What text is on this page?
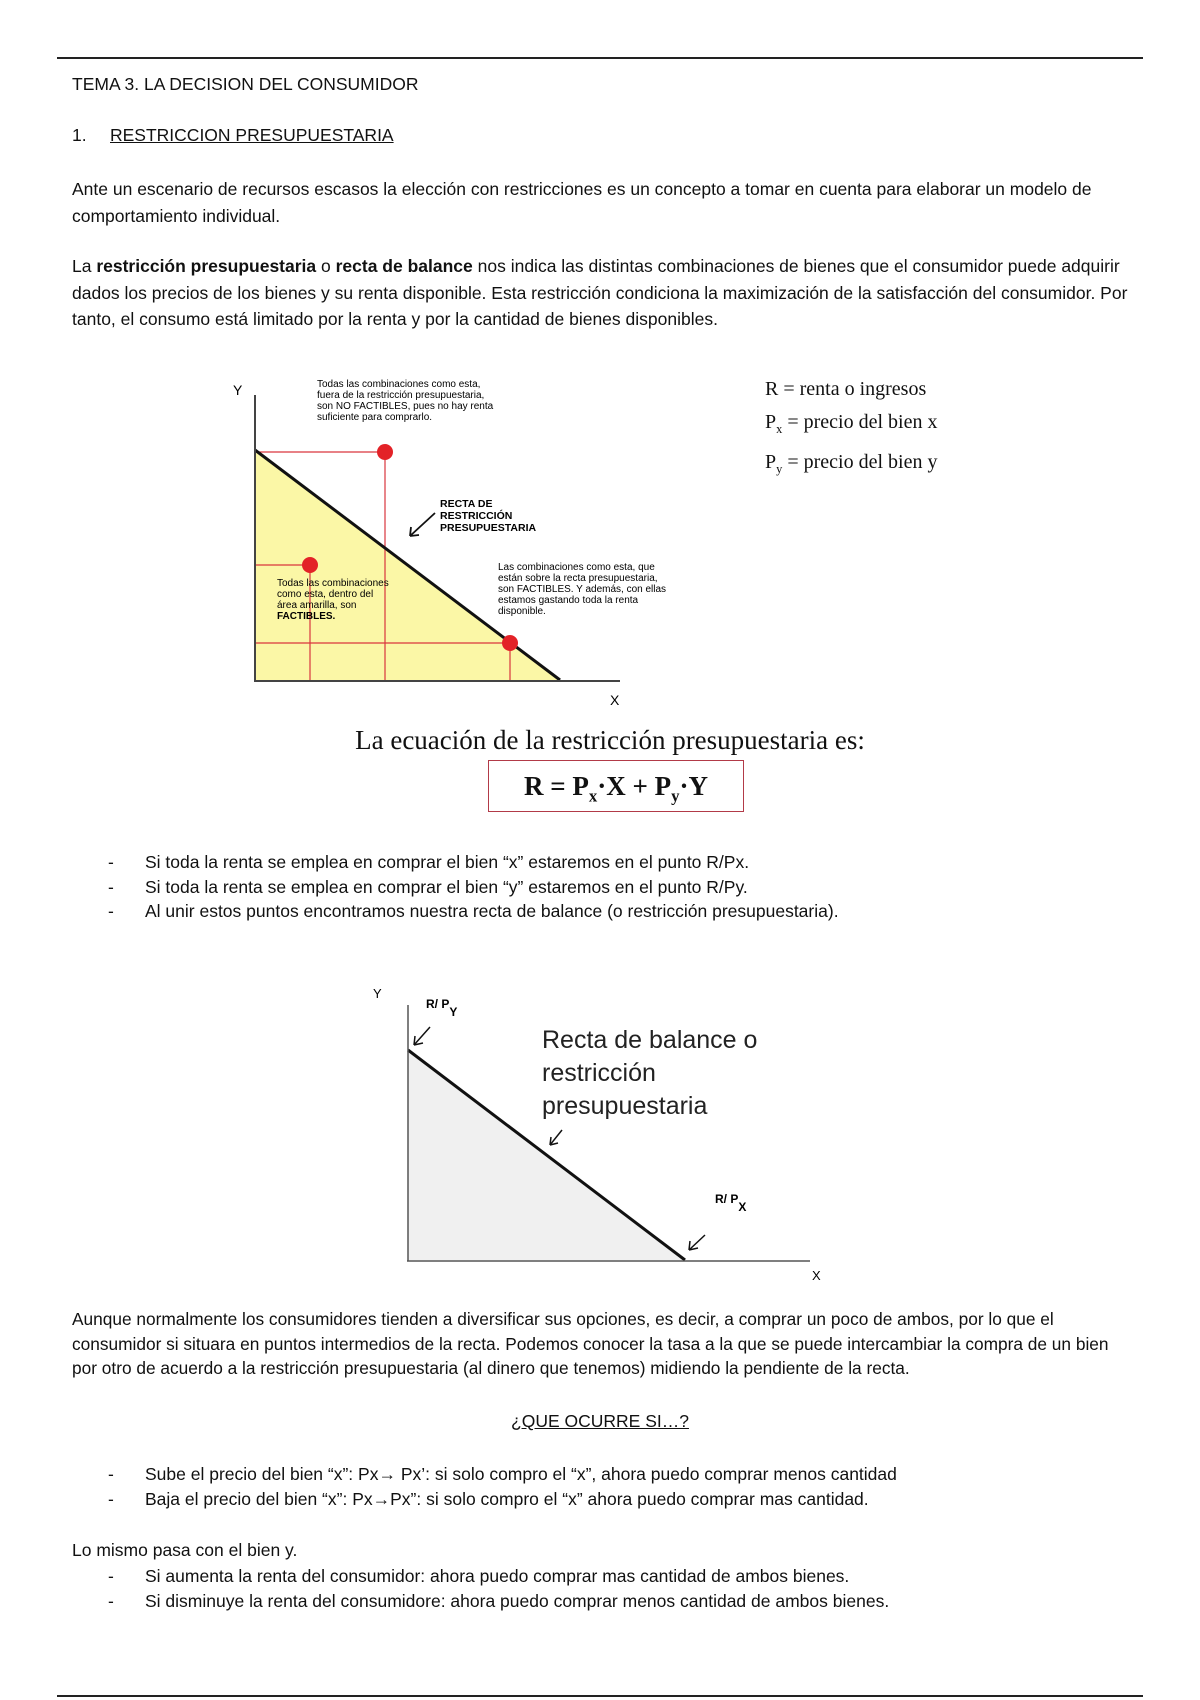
TEMA 3. LA DECISION DEL CONSUMIDOR
1. RESTRICCION PRESUPUESTARIA
Ante un escenario de recursos escasos la elección con restricciones es un concepto a tomar en cuenta para elaborar un modelo de comportamiento individual.
La restricción presupuestaria o recta de balance nos indica las distintas combinaciones de bienes que el consumidor puede adquirir dados los precios de los bienes y su renta disponible. Esta restricción condiciona la maximización de la satisfacción del consumidor. Por tanto, el consumo está limitado por la renta y por la cantidad de bienes disponibles.
Y
X
Todas las combinaciones como esta,
fuera de la restricción presupuestaria,
son NO FACTIBLES, pues no hay renta
suficiente para comprarlo.
RECTA DE
RESTRICCIÓN
PRESUPUESTARIA
Las combinaciones como esta, que
están sobre la recta presupuestaria,
son FACTIBLES. Y además, con ellas
estamos gastando toda la renta
disponible.
Todas las combinaciones
como esta, dentro del
área amarilla, son
FACTIBLES.
R = renta o ingresos
$P_x$ = precio del bien x
$P_y$ = precio del bien y
La ecuación de la restricción presupuestaria es:
$R = P_x\cdot X + P_y\cdot Y$
- Si toda la renta se emplea en comprar el bien “x” estaremos en el punto R/Px.
- Si toda la renta se emplea en comprar el bien “y” estaremos en el punto R/Py.
- Al unir estos puntos encontramos nuestra recta de balance (o restricción presupuestaria).
Y
X
R/ PY
Recta de balance o
restricción
presupuestaria
R/ PX
Aunque normalmente los consumidores tienden a diversificar sus opciones, es decir, a comprar un poco de ambos, por lo que el consumidor si situara en puntos intermedios de la recta. Podemos conocer la tasa a la que se puede intercambiar la compra de un bien por otro de acuerdo a la restricción presupuestaria (al dinero que tenemos) midiendo la pendiente de la recta.
¿QUE OCURRE SI…?
- Sube el precio del bien “x”: Px→ Px’: si solo compro el “x”, ahora puedo comprar menos cantidad
- Baja el precio del bien “x”: Px→Px”: si solo compro el “x” ahora puedo comprar mas cantidad.
Lo mismo pasa con el bien y.
- Si aumenta la renta del consumidor: ahora puedo comprar mas cantidad de ambos bienes.
- Si disminuye la renta del consumidore: ahora puedo comprar menos cantidad de ambos bienes.
